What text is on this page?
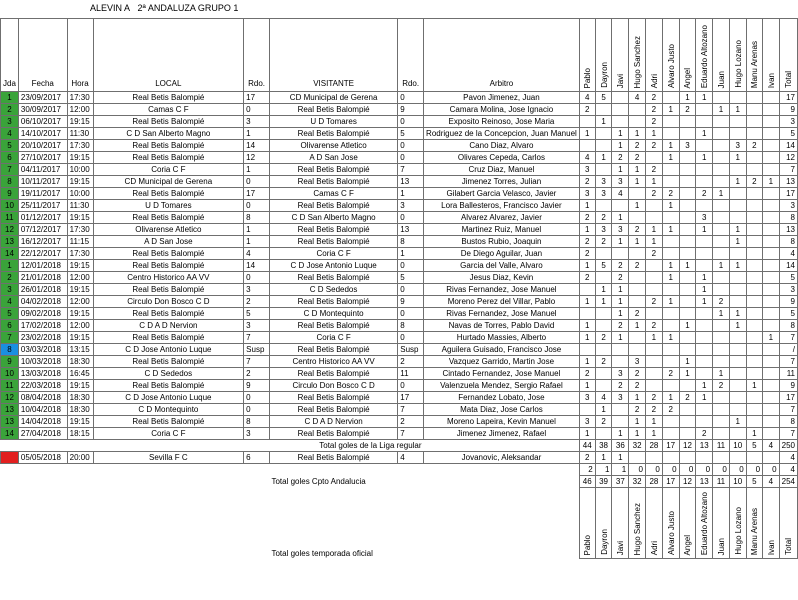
ALEVIN A 2ª ANDALUZA GRUPO 1
Jda	Fecha	Hora	LOCAL	Rdo.	VISITANTE	Rdo.	Arbitro	Pablo	Dayron	Javi	Hugo Sanchez	Adri	Alvaro Justo	Angel	Eduardo Altozano	Juan	Hugo Lozano	Manu Arenas	Ivan	Total

1	23/09/2017	17:30	Real Betis Balompié	17	CD Municipal de Gerena	0	Pavon Jimenez, Juan	4	5		4	2		1	1					17
2	30/09/2017	12:00	Camas C F	0	Real Betis Balompié	9	Camara Molina, Jose Ignacio	2				2	1	2		1	1			9
3	06/10/2017	19:15	Real Betis Balompié	3	U D Tomares	0	Exposito Reinoso, Jose Maria		1			2								3
4	14/10/2017	11:30	C D San Alberto Magno	1	Real Betis Balompié	5	Rodriguez de la Concepcion, Juan Manuel	1		1	1	1			1					5
5	20/10/2017	17:30	Real Betis Balompié	14	Olivarense Atletico	0	Cano Diaz, Alvaro			1	2	2	1	3			3	2		14
6	27/10/2017	19:15	Real Betis Balompié	12	A D San Jose	0	Olivares Cepeda, Carlos	4	1	2	2		1		1		1			12
7	04/11/2017	10:00	Coria C F	1	Real Betis Balompié	7	Cruz Diaz, Manuel	3		1	1	2								7
8	10/11/2017	19:15	CD Municipal de Gerena	0	Real Betis Balompié	13	Jimenez Torres, Julian	2	3	3	1	1					1	2	1	13
9	19/11/2017	10:00	Real Betis Balompié	17	Camas C F	1	Gilabert Garcia Velasco, Javier	3	3	4		2	2		2	1				17
10	25/11/2017	11:30	U D Tomares	0	Real Betis Balompié	3	Lora Ballesteros, Francisco Javier	1			1		1							3
11	01/12/2017	19:15	Real Betis Balompié	8	C D San Alberto Magno	0	Alvarez Alvarez, Javier	2	2	1					3					8
12	07/12/2017	17:30	Olivarense Atletico	1	Real Betis Balompié	13	Martinez Ruiz, Manuel	1	3	3	2	1	1		1		1			13
13	16/12/2017	11:15	A D San Jose	1	Real Betis Balompié	8	Bustos Rubio, Joaquin	2	2	1	1	1					1			8
14	22/12/2017	17:30	Real Betis Balompié	4	Coria C F	1	De Diego Aguilar, Juan	2				2								4
1	12/01/2018	19:15	Real Betis Balompié	14	C D Jose Antonio Luque	0	Garcia del Valle, Alvaro	1	5	2	2		1	1		1	1			14
2	21/01/2018	12:00	Centro Historico AA VV	0	Real Betis Balompié	5	Jesus Diaz, Kevin	2		2			1		1					5
3	26/01/2018	19:15	Real Betis Balompié	3	C D Sededos	0	Rivas Fernandez, Jose Manuel		1	1					1					3
4	04/02/2018	12:00	Circulo Don Bosco C D	2	Real Betis Balompié	9	Moreno Perez del Villar, Pablo	1	1	1		2	1		1	2				9
5	09/02/2018	19:15	Real Betis Balompié	5	C D Montequinto	0	Rivas Fernandez, Jose Manuel			1	2					1	1			5
6	17/02/2018	12:00	C D A D Nervion	3	Real Betis Balompié	8	Navas de Torres, Pablo David	1		2	1	2		1			1			8
7	23/02/2018	19:15	Real Betis Balompié	7	Coria C F	0	Hurtado Massies, Alberto	1	2	1		1	1						1	7
8	03/03/2018	13:15	C D Jose Antonio Luque	Susp	Real Betis Balompié	Susp	Aguilera Guisado, Francisco Jose													/
9	10/03/2018	18:30	Real Betis Balompié	7	Centro Historico AA VV	2	Vazquez Garrido, Martin Jose	1	2		3			1						7
10	13/03/2018	16:45	C D Sededos	2	Real Betis Balompié	11	Cintado Fernandez, Jose Manuel	2		3	2		2	1		1				11
11	22/03/2018	19:15	Real Betis Balompié	9	Circulo Don Bosco C D	0	Valenzuela Mendez, Sergio Rafael	1		2	2				1	2		1		9
12	08/04/2018	18:30	C D Jose Antonio Luque	0	Real Betis Balompié	17	Fernandez Lobato, Jose	3	4	3	1	2	1	2	1					17
13	10/04/2018	18:30	C D Montequinto	0	Real Betis Balompié	7	Mata Diaz, Jose Carlos		1		2	2	2							7
13	14/04/2018	19:15	Real Betis Balompié	8	C D A D Nervion	2	Moreno Lapeira, Kevin Manuel	3	2		1	1					1			8
14	27/04/2018	18:15	Coria C F	3	Real Betis Balompié	7	Jimenez Jimenez, Rafael	1		1	1	1			2			1		7
					Total goles de la Liga regular			44	38	36	32	28	17	12	13	11	10	5	4	250
	05/05/2018	20:00	Sevilla F C	6	Real Betis Balompié	4	Jovanovic, Aleksandar	2	1	1										4
								2	1	1	0	0	0	0	0	0	0	0	0	4
					Total goles Cpto Andalucia			46	39	37	32	28	17	12	13	11	10	5	4	254
					Total goles temporada oficial			Pablo	Dayron	Javi	Hugo Sanchez	Adri	Alvaro Justo	Angel	Eduardo Altozano	Juan	Hugo Lozano	Manu Arenas	Ivan	Total
